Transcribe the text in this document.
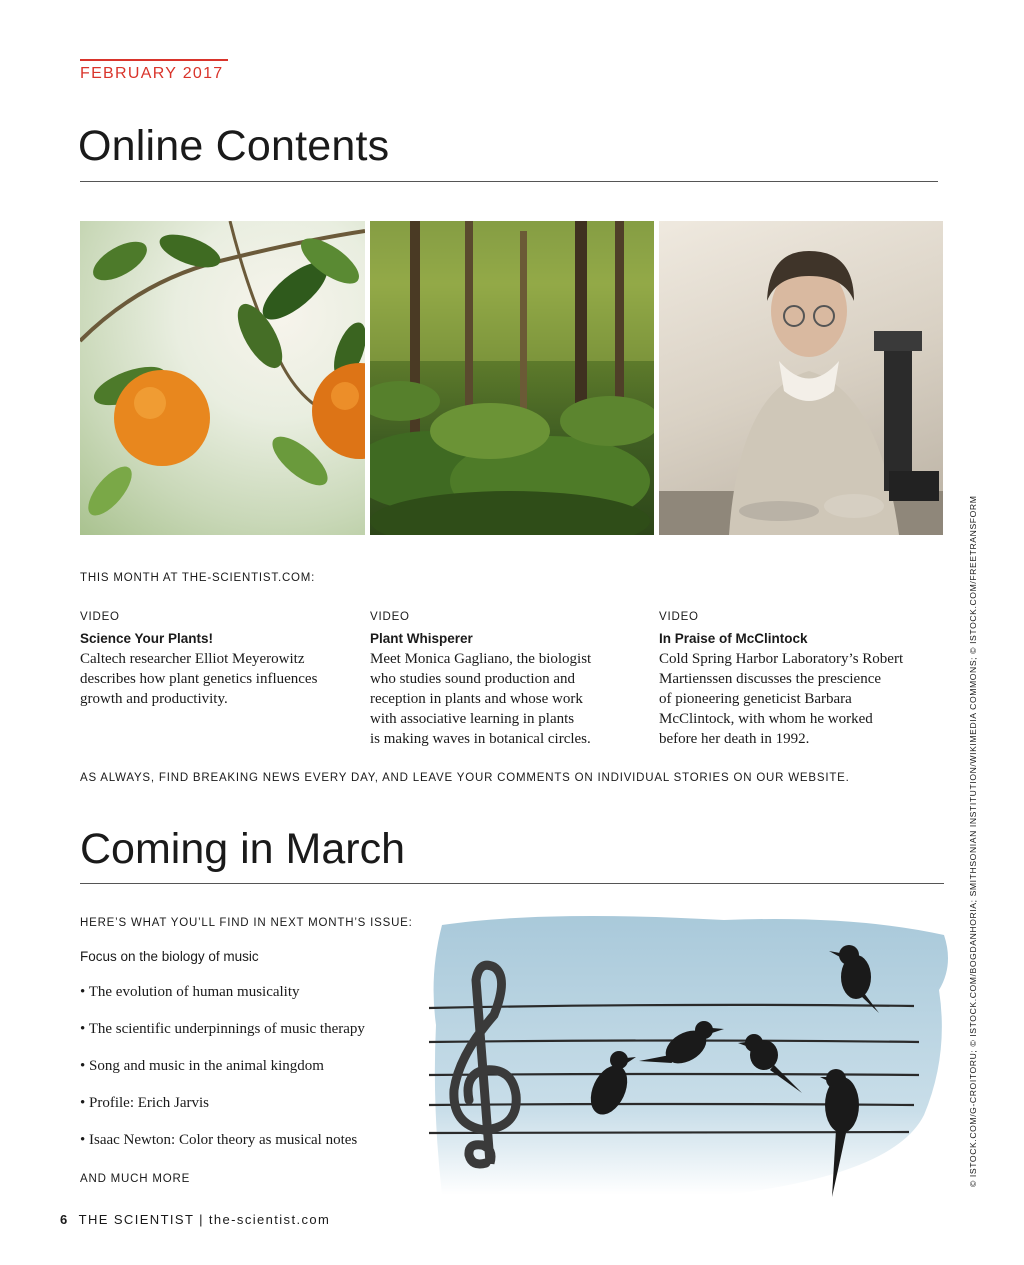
FEBRUARY 2017
Online Contents
THIS MONTH AT THE-SCIENTIST.COM:
VIDEO
Science Your Plants!
Caltech researcher Elliot Meyerowitz
describes how plant genetics influences
growth and productivity.
VIDEO
Plant Whisperer
Meet Monica Gagliano, the biologist
who studies sound production and
reception in plants and whose work
with associative learning in plants
is making waves in botanical circles.
VIDEO
In Praise of McClintock
Cold Spring Harbor Laboratory’s Robert
Martienssen discusses the prescience
of pioneering geneticist Barbara
McClintock, with whom he worked
before her death in 1992.
AS ALWAYS, FIND BREAKING NEWS EVERY DAY, AND LEAVE YOUR COMMENTS ON INDIVIDUAL STORIES ON OUR WEBSITE.
Coming in March
HERE’S WHAT YOU’LL FIND IN NEXT MONTH’S ISSUE:
Focus on the biology of music
• The evolution of human musicality
• The scientific underpinnings of music therapy
• Song and music in the animal kingdom
• Profile: Erich Jarvis
• Isaac Newton: Color theory as musical notes
AND MUCH MORE
6 THE SCIENTIST | the-scientist.com
© ISTOCK.COM/G-CROITORU; © ISTOCK.COM/BOGDANHORIA; SMITHSONIAN INSTITUTION/WIKIMEDIA COMMONS; © ISTOCK.COM/FREETRANSFORM
